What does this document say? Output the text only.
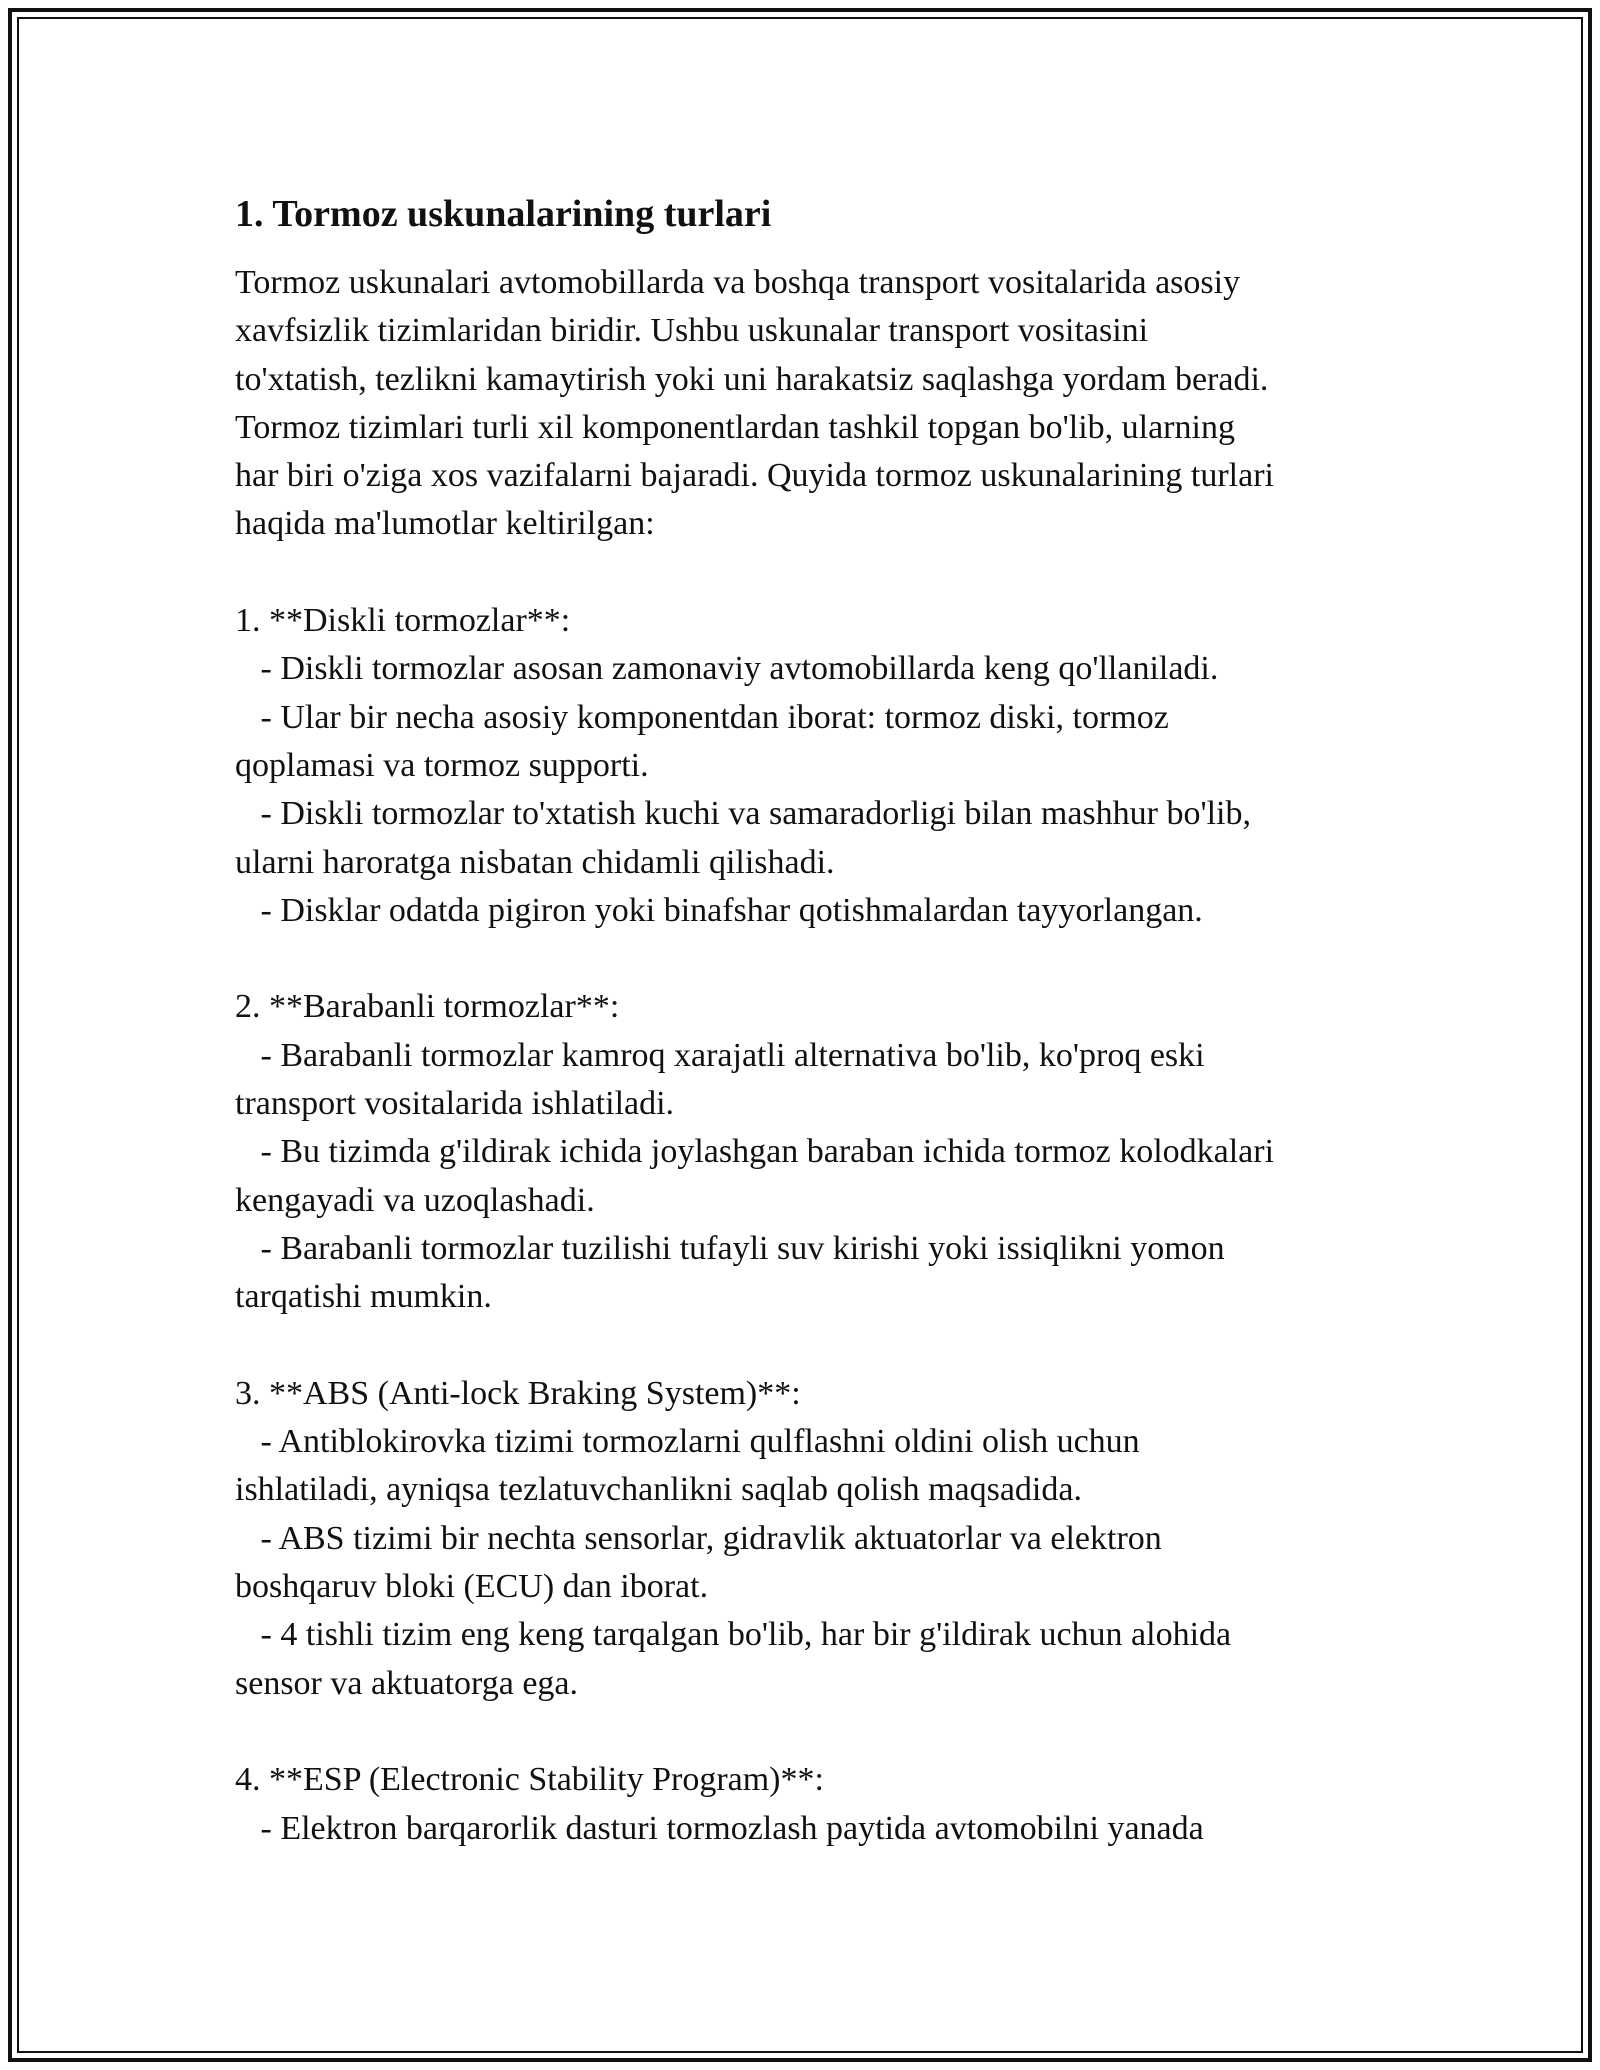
1. Tormoz uskunalarining turlari
Tormoz uskunalari avtomobillarda va boshqa transport vositalarida asosiy
xavfsizlik tizimlaridan biridir. Ushbu uskunalar transport vositasini
to'xtatish, tezlikni kamaytirish yoki uni harakatsiz saqlashga yordam beradi.
Tormoz tizimlari turli xil komponentlardan tashkil topgan bo'lib, ularning
har biri o'ziga xos vazifalarni bajaradi. Quyida tormoz uskunalarining turlari
haqida ma'lumotlar keltirilgan:

1. **Diskli tormozlar**:
- Diskli tormozlar asosan zamonaviy avtomobillarda keng qo'llaniladi.
- Ular bir necha asosiy komponentdan iborat: tormoz diski, tormoz
qoplamasi va tormoz supporti.
- Diskli tormozlar to'xtatish kuchi va samaradorligi bilan mashhur bo'lib,
ularni haroratga nisbatan chidamli qilishadi.
- Disklar odatda pigiron yoki binafshar qotishmalardan tayyorlangan.

2. **Barabanli tormozlar**:
- Barabanli tormozlar kamroq xarajatli alternativa bo'lib, ko'proq eski
transport vositalarida ishlatiladi.
- Bu tizimda g'ildirak ichida joylashgan baraban ichida tormoz kolodkalari
kengayadi va uzoqlashadi.
- Barabanli tormozlar tuzilishi tufayli suv kirishi yoki issiqlikni yomon
tarqatishi mumkin.

3. **ABS (Anti-lock Braking System)**:
- Antiblokirovka tizimi tormozlarni qulflashni oldini olish uchun
ishlatiladi, ayniqsa tezlatuvchanlikni saqlab qolish maqsadida.
- ABS tizimi bir nechta sensorlar, gidravlik aktuatorlar va elektron
boshqaruv bloki (ECU) dan iborat.
- 4 tishli tizim eng keng tarqalgan bo'lib, har bir g'ildirak uchun alohida
sensor va aktuatorga ega.

4. **ESP (Electronic Stability Program)**:
- Elektron barqarorlik dasturi tormozlash paytida avtomobilni yanada
